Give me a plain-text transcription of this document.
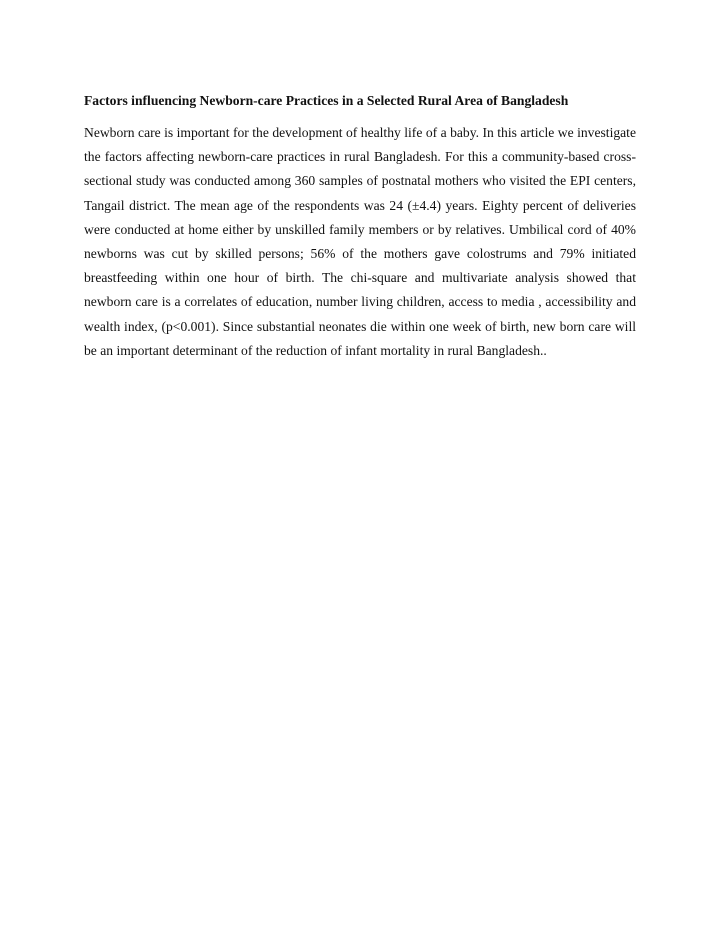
Factors influencing Newborn-care Practices in a Selected Rural Area of Bangladesh

Newborn care is important for the development of healthy life of a baby. In this article we investigate the factors affecting newborn-care practices in rural Bangladesh. For this a community-based cross-sectional study was conducted among 360 samples of postnatal mothers who visited the EPI centers, Tangail district. The mean age of the respondents was 24 (±4.4) years. Eighty percent of deliveries were conducted at home either by unskilled family members or by relatives. Umbilical cord of 40% newborns was cut by skilled persons; 56% of the mothers gave colostrums and 79% initiated breastfeeding within one hour of birth. The chi-square and multivariate analysis showed that newborn care is a correlates of education, number living children, access to media , accessibility and wealth index, (p<0.001). Since substantial neonates die within one week of birth, new born care will be an important determinant of the reduction of infant mortality in rural Bangladesh..
